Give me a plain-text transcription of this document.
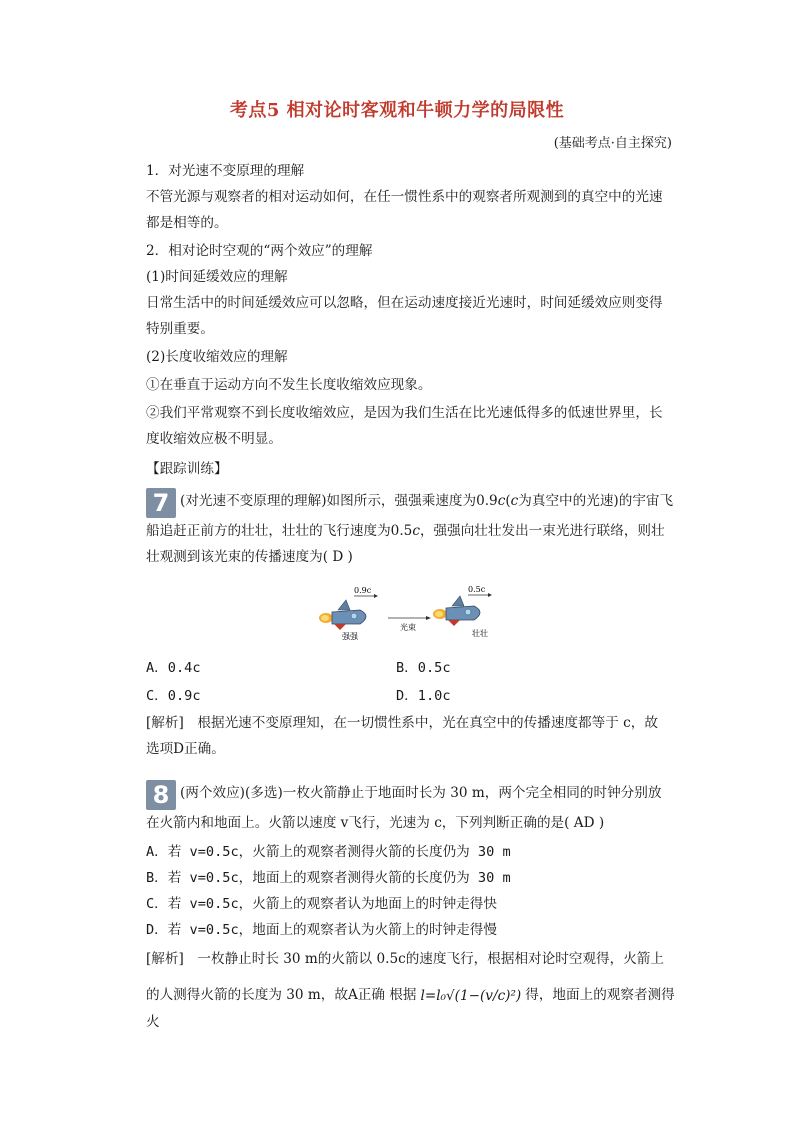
考点5 相对论时客观和牛顿力学的局限性
(基础考点·自主探究)
1．对光速不变原理的理解
不管光源与观察者的相对运动如何，在任一惯性系中的观察者所观测到的真空中的光速都是相等的。
2．相对论时空观的“两个效应”的理解
(1)时间延缓效应的理解
日常生活中的时间延缓效应可以忽略，但在运动速度接近光速时，时间延缓效应则变得特别重要。
(2)长度收缩效应的理解
①在垂直于运动方向不发生长度收缩效应现象。
②我们平常观察不到长度收缩效应，是因为我们生活在比光速低得多的低速世界里，长度收缩效应极不明显。
【跟踪训练】
7 (对光速不变原理的理解)如图所示，强强乘速度为0.9c(c为真空中的光速)的宇宙飞船追赶正前方的壮壮，壮壮的飞行速度为0.5c，强强向壮壮发出一束光进行联络，则壮壮观测到该光束的传播速度为( D )
0.9c
强强
光束
0.5c
壮壮
A．0.4c	B．0.5c
C．0.9c	D．1.0c
[解析]　根据光速不变原理知，在一切惯性系中，光在真空中的传播速度都等于 c，故
选项D正确。
8 (两个效应)(多选)一枚火箭静止于地面时长为 30 m，两个完全相同的时钟分别放
在火箭内和地面上。火箭以速度 v飞行，光速为 c，下列判断正确的是( AD )
A．若 v=0.5c，火箭上的观察者测得火箭的长度仍为 30 m
B．若 v=0.5c，地面上的观察者测得火箭的长度仍为 30 m
C．若 v=0.5c，火箭上的观察者认为地面上的时钟走得快
D．若 v=0.5c，地面上的观察者认为火箭上的时钟走得慢
[解析]　一枚静止时长 30 m的火箭以 0.5c的速度飞行，根据相对论时空观得，火箭上
的人测得火箭的长度为 30 m，故A正确 根据 l=l₀√(1−(v/c)²) 得，地面上的观察者测得火
